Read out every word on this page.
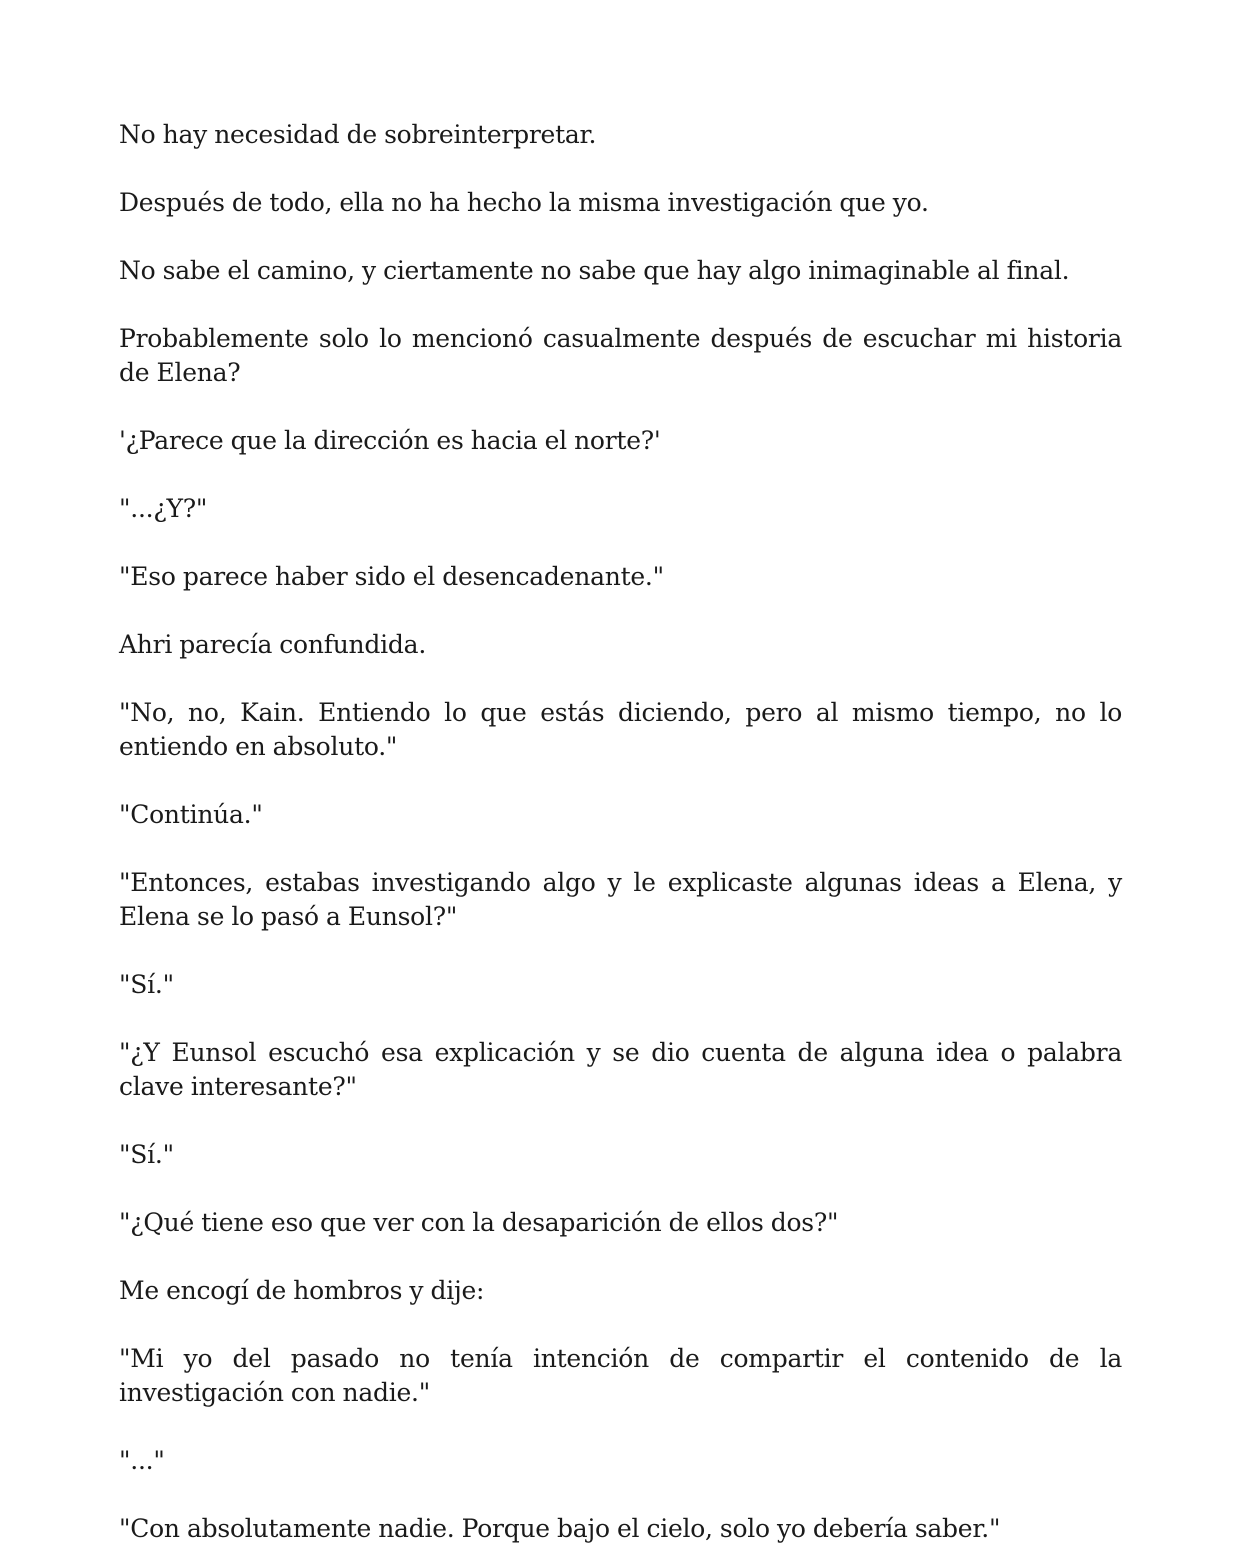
No hay necesidad de sobreinterpretar.

Después de todo, ella no ha hecho la misma investigación que yo.

No sabe el camino, y ciertamente no sabe que hay algo inimaginable al final.

Probablemente solo lo mencionó casualmente después de escuchar mi historia de Elena?

'¿Parece que la dirección es hacia el norte?'

"...¿Y?"

"Eso parece haber sido el desencadenante."

Ahri parecía confundida.

"No, no, Kain. Entiendo lo que estás diciendo, pero al mismo tiempo, no lo entiendo en absoluto."

"Continúa."

"Entonces, estabas investigando algo y le explicaste algunas ideas a Elena, y Elena se lo pasó a Eunsol?"

"Sí."

"¿Y Eunsol escuchó esa explicación y se dio cuenta de alguna idea o palabra clave interesante?"

"Sí."

"¿Qué tiene eso que ver con la desaparición de ellos dos?"

Me encogí de hombros y dije:

"Mi yo del pasado no tenía intención de compartir el contenido de la investigación con nadie."

"..."

"Con absolutamente nadie. Porque bajo el cielo, solo yo debería saber."
